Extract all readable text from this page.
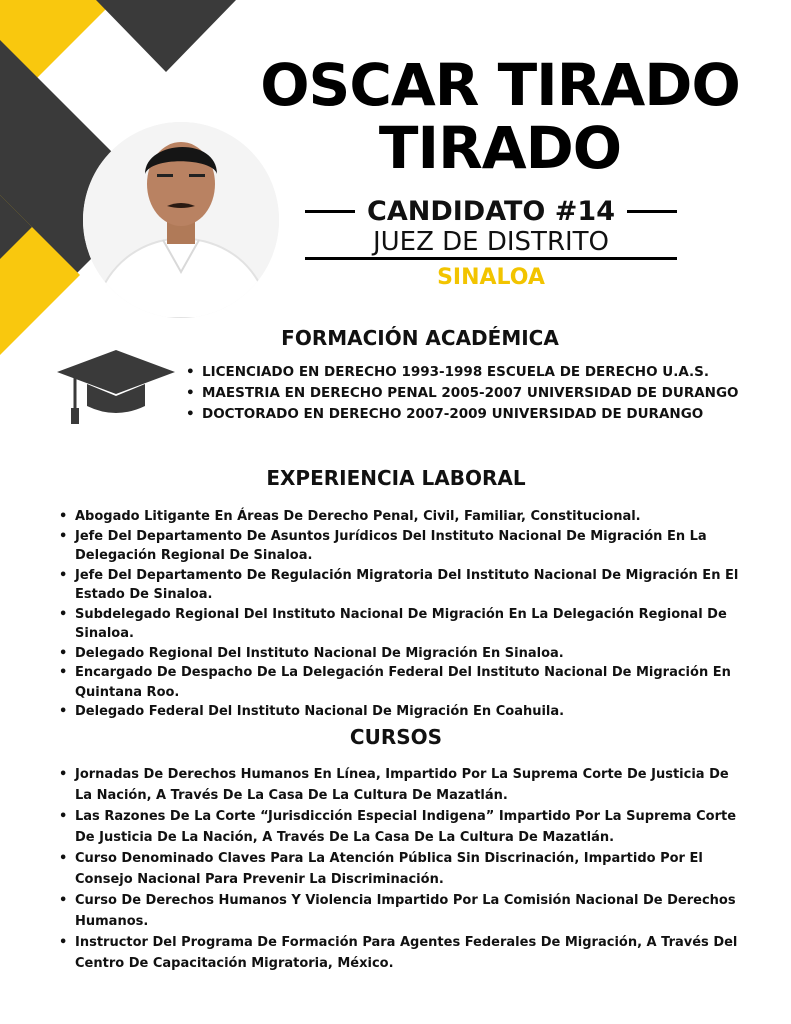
OSCAR TIRADO
TIRADO
CANDIDATO #14
JUEZ DE DISTRITO
SINALOA
FORMACIÓN ACADÉMICA
• LICENCIADO EN DERECHO 1993-1998 ESCUELA DE DERECHO U.A.S.
• MAESTRIA EN DERECHO PENAL 2005-2007 UNIVERSIDAD DE DURANGO
• DOCTORADO EN DERECHO 2007-2009 UNIVERSIDAD DE DURANGO
EXPERIENCIA LABORAL
• Abogado Litigante En Áreas De Derecho Penal, Civil, Familiar, Constitucional.
• Jefe Del Departamento De Asuntos Jurídicos Del Instituto Nacional De Migración En La Delegación Regional De Sinaloa.
• Jefe Del Departamento De Regulación Migratoria Del Instituto Nacional De Migración En El Estado De Sinaloa.
• Subdelegado Regional Del Instituto Nacional De Migración En La Delegación Regional De Sinaloa.
• Delegado Regional Del Instituto Nacional De Migración En Sinaloa.
• Encargado De Despacho De La Delegación Federal Del Instituto Nacional De Migración En Quintana Roo.
• Delegado Federal Del Instituto Nacional De Migración En Coahuila.
CURSOS
• Jornadas De Derechos Humanos En Línea, Impartido Por La Suprema Corte De Justicia De La Nación, A Través De La Casa De La Cultura De Mazatlán.
• Las Razones De La Corte “Jurisdicción Especial Indigena” Impartido Por La Suprema Corte De Justicia De La Nación, A Través De La Casa De La Cultura De Mazatlán.
• Curso Denominado Claves Para La Atención Pública Sin Discrinación, Impartido Por El Consejo Nacional Para Prevenir La Discriminación.
• Curso De Derechos Humanos Y Violencia Impartido Por La Comisión Nacional De Derechos Humanos.
• Instructor Del Programa De Formación Para Agentes Federales De Migración, A Través Del Centro De Capacitación Migratoria, México.
